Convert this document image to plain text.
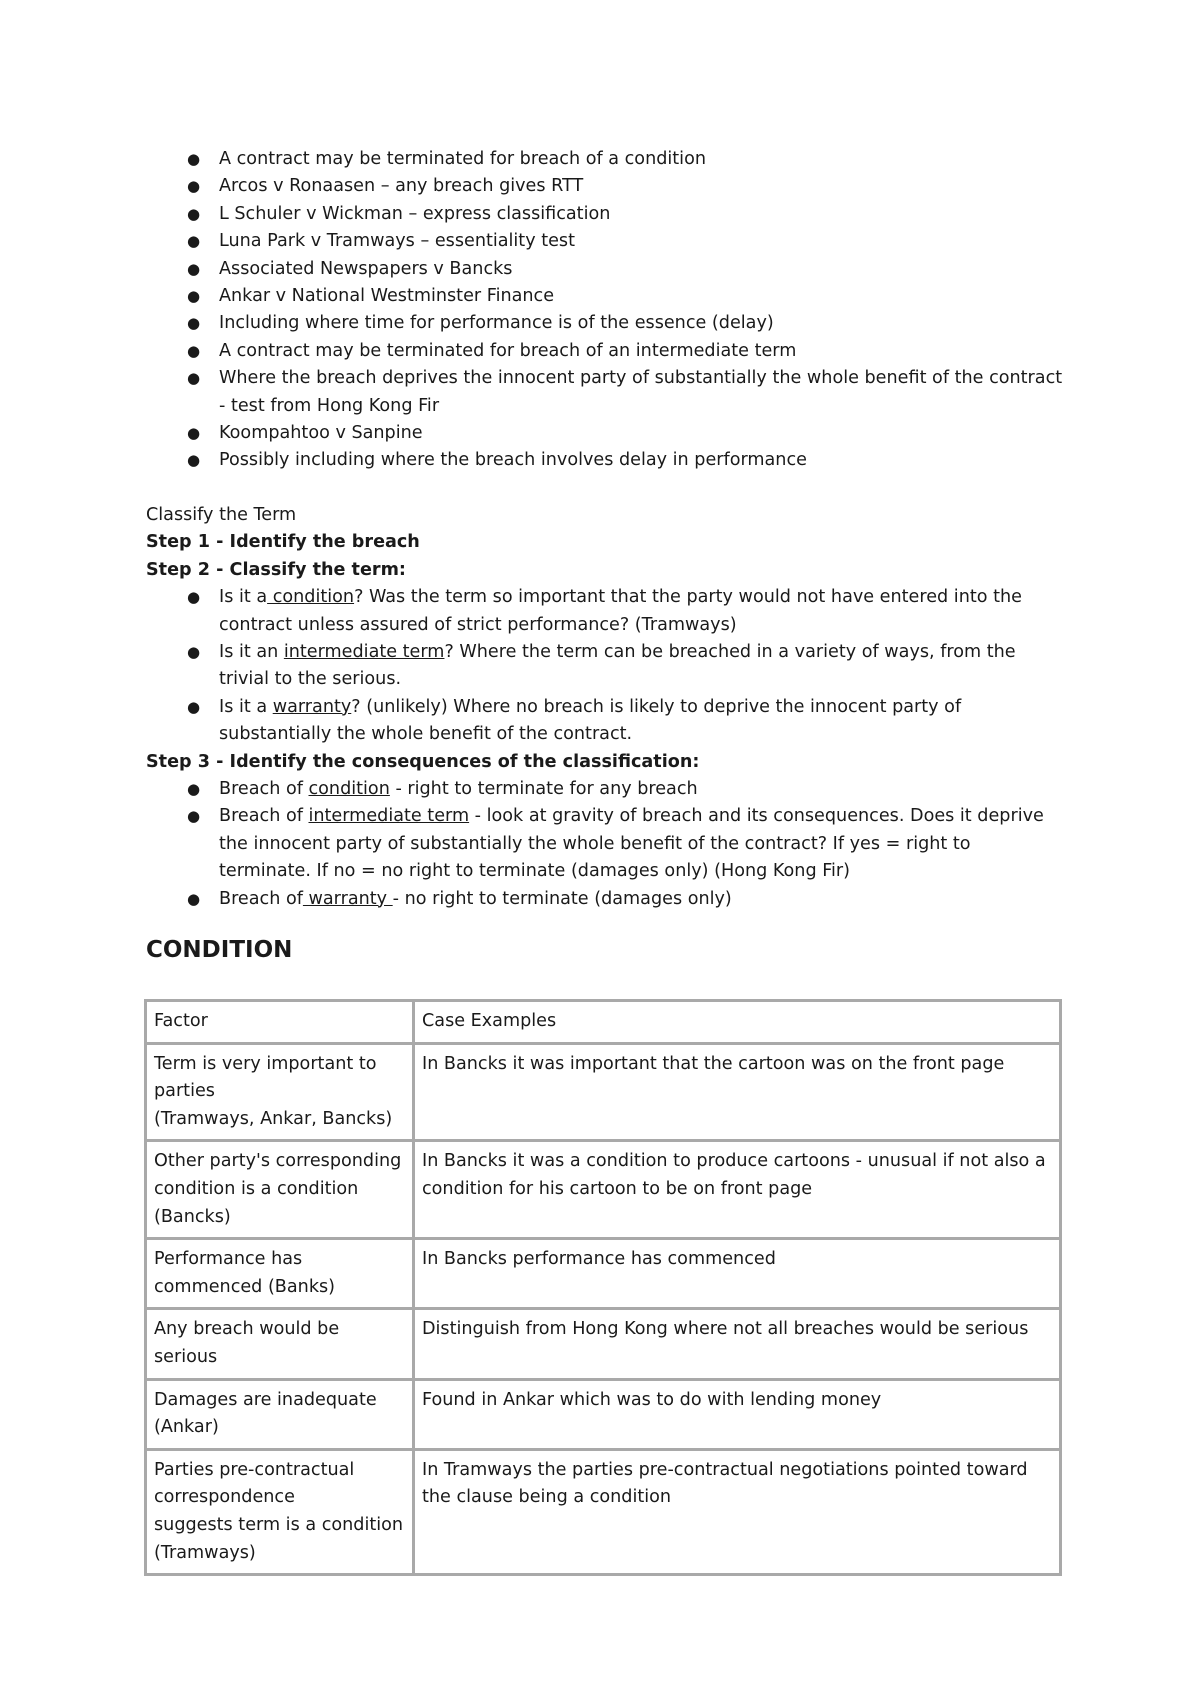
● A contract may be terminated for breach of a condition
● Arcos v Ronaasen – any breach gives RTT
● L Schuler v Wickman – express classification
● Luna Park v Tramways – essentiality test
● Associated Newspapers v Bancks
● Ankar v National Westminster Finance
● Including where time for performance is of the essence (delay)
● A contract may be terminated for breach of an intermediate term
● Where the breach deprives the innocent party of substantially the whole benefit of the contract - test from Hong Kong Fir
● Koompahtoo v Sanpine
● Possibly including where the breach involves delay in performance
Classify the Term
Step 1 - Identify the breach
Step 2 - Classify the term:
● Is it a condition? Was the term so important that the party would not have entered into the contract unless assured of strict performance? (Tramways)
● Is it an intermediate term? Where the term can be breached in a variety of ways, from the trivial to the serious.
● Is it a warranty? (unlikely) Where no breach is likely to deprive the innocent party of substantially the whole benefit of the contract.
Step 3 - Identify the consequences of the classification:
● Breach of condition - right to terminate for any breach
● Breach of intermediate term - look at gravity of breach and its consequences. Does it deprive the innocent party of substantially the whole benefit of the contract? If yes = right to terminate. If no = no right to terminate (damages only) (Hong Kong Fir)
● Breach of warranty - no right to terminate (damages only)
CONDITION
Factor	Case Examples

Term is very important to parties
(Tramways, Ankar, Bancks)	In Bancks it was important that the cartoon was on the front page

Other party's corresponding condition is a condition (Bancks)	In Bancks it was a condition to produce cartoons - unusual if not also a condition for his cartoon to be on front page

Performance has commenced (Banks)	In Bancks performance has commenced

Any breach would be serious	Distinguish from Hong Kong where not all breaches would be serious

Damages are inadequate (Ankar)	Found in Ankar which was to do with lending money

Parties pre-contractual correspondence
suggests term is a condition (Tramways)	In Tramways the parties pre-contractual negotiations pointed toward the clause being a condition
